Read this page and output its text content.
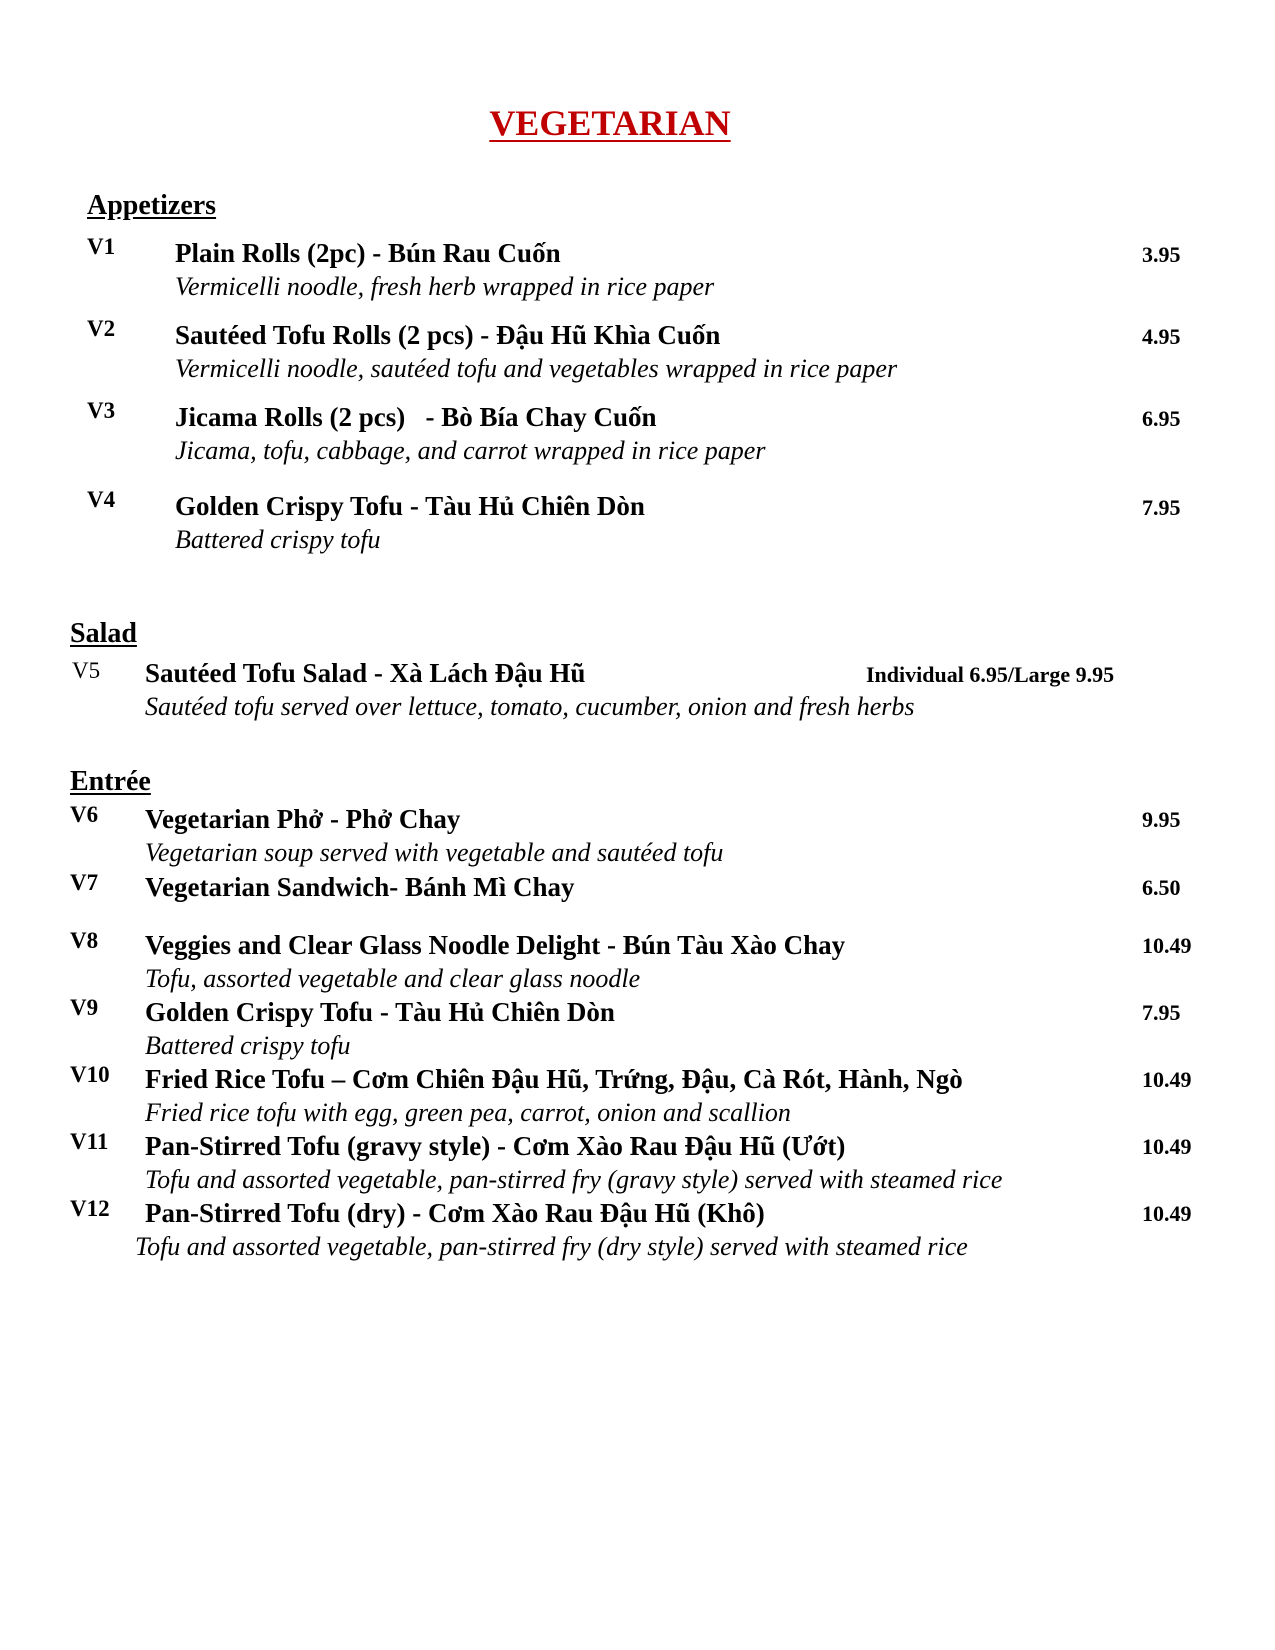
VEGETARIAN
Appetizers
V1 Plain Rolls (2pc) - Bún Rau Cuốn
Vermicelli noodle, fresh herb wrapped in rice paper
3.95
V2 Sautéed Tofu Rolls (2 pcs) - Đậu Hũ Khìa Cuốn
Vermicelli noodle, sautéed tofu and vegetables wrapped in rice paper
4.95
V3 Jicama Rolls (2 pcs)   - Bò Bía Chay Cuốn
Jicama, tofu, cabbage, and carrot wrapped in rice paper
6.95
V4 Golden Crispy Tofu - Tàu Hủ Chiên Dòn
Battered crispy tofu
7.95
Salad
V5 Sautéed Tofu Salad - Xà Lách Đậu Hũ
Sautéed tofu served over lettuce, tomato, cucumber, onion and fresh herbs
Individual 6.95/Large 9.95
Entrée
V6 Vegetarian Phở - Phở Chay
Vegetarian soup served with vegetable and sautéed tofu
9.95
V7 Vegetarian Sandwich- Bánh Mì Chay	6.50
V8 Veggies and Clear Glass Noodle Delight - Bún Tàu Xào Chay
Tofu, assorted vegetable and clear glass noodle
10.49
V9 Golden Crispy Tofu - Tàu Hủ Chiên Dòn
Battered crispy tofu
7.95
V10 Fried Rice Tofu – Cơm Chiên Đậu Hũ, Trứng, Đậu, Cà Rót, Hành, Ngò
Fried rice tofu with egg, green pea, carrot, onion and scallion
10.49
V11 Pan-Stirred Tofu (gravy style) - Cơm Xào Rau Đậu Hũ (Ướt)
Tofu and assorted vegetable, pan-stirred fry (gravy style) served with steamed rice
10.49
V12 Pan-Stirred Tofu (dry) - Cơm Xào Rau Đậu Hũ (Khô)
Tofu and assorted vegetable, pan-stirred fry (dry style) served with steamed rice
10.49
